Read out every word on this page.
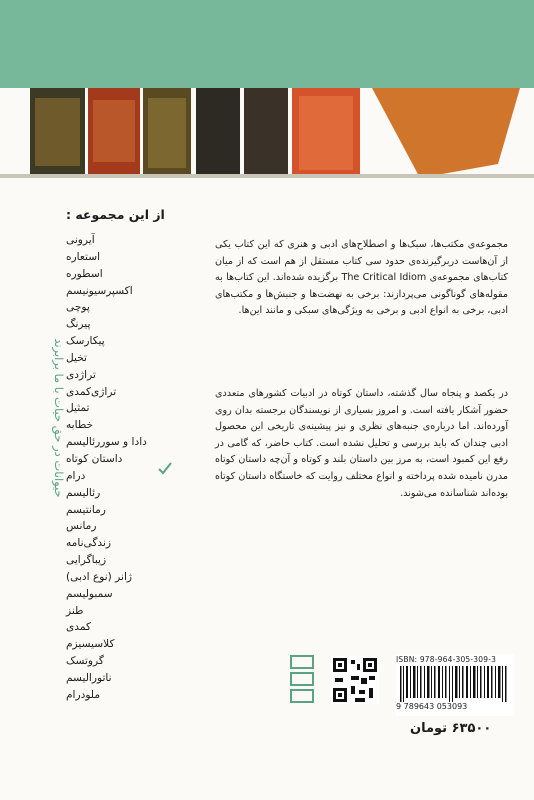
از این مجموعه :
آیرونی
استعاره
اسطوره
اکسپرسیونیسم
پوچی
پیرنگ
پیکارسک
تخیل
تراژدی
تراژی‌کمدی
تمثیل
خطابه
دادا و سوررئالیسم
داستان کوتاه
درام
رئالیسم
رمانتیسم
رمانس
زندگی‌نامه
زیباگرایی
ژانر (نوع ادبی)
سمبولیسم
طنز
کمدی
کلاسیسیزم
گروتسک
ناتورالیسم
ملودرام
حیوانات در حق حیات با ما برابرند
مجموعه‌ی مکتب‌ها، سبک‌ها و اصطلاح‌های ادبی و هنری که این کتاب یکی از آن‌هاست دربرگیرنده‌ی حدود سی کتاب مستقل از هم است که از میان کتاب‌های مجموعه‌ی The Critical Idiom برگزیده شده‌اند. این کتاب‌ها به مقوله‌های گوناگونی می‌پردازند: برخی به نهضت‌ها و جنبش‌ها و مکتب‌های ادبی، برخی به انواع ادبی و برخی به ویژگی‌های سبکی و مانند این‌ها.
در یکصد و پنجاه سال گذشته، داستان کوتاه در ادبیات کشورهای متعددی حضور آشکار یافته است. و امروز بسیاری از نویسندگان برجسته بدان روی آورده‌اند. اما درباره‌ی جنبه‌های نظری و نیز پیشینه‌ی تاریخی این محصول ادبی چندان که باید بررسی و تحلیل نشده است. کتاب حاضر، که گامی در رفع این کمبود است، به مرز بین داستان بلند و کوتاه و آن‌چه داستان کوتاه مدرن نامیده شده پرداخته و انواع مختلف روایت که خاستگاه داستان کوتاه بوده‌اند شناسانده می‌شوند.
ISBN: 978-964-305-309-3
9 789643 053093
۶۳۵۰۰ تومان
